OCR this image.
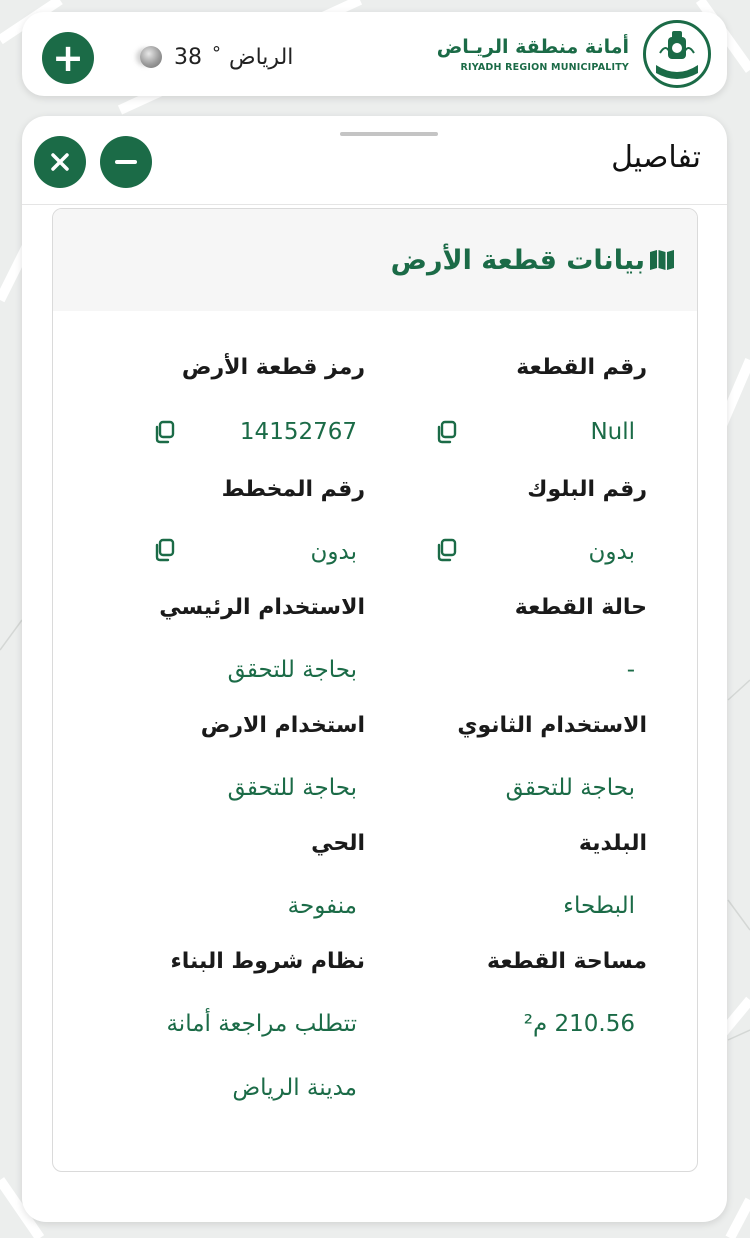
+	38 ° الرياض	أمانة منطقة الريـاض
RIYADH REGION MUNICIPALITY
تفاصيل
بيانات قطعة الأرض
رقم القطعة
رمز قطعة الأرض
Null
14152767
رقم البلوك
رقم المخطط
بدون
بدون
حالة القطعة
الاستخدام الرئيسي
-
بحاجة للتحقق
الاستخدام الثانوي
استخدام الارض
بحاجة للتحقق
بحاجة للتحقق
البلدية
الحي
البطحاء
منفوحة
مساحة القطعة
نظام شروط البناء
210.56 م²
تتطلب مراجعة أمانة
مدينة الرياض
